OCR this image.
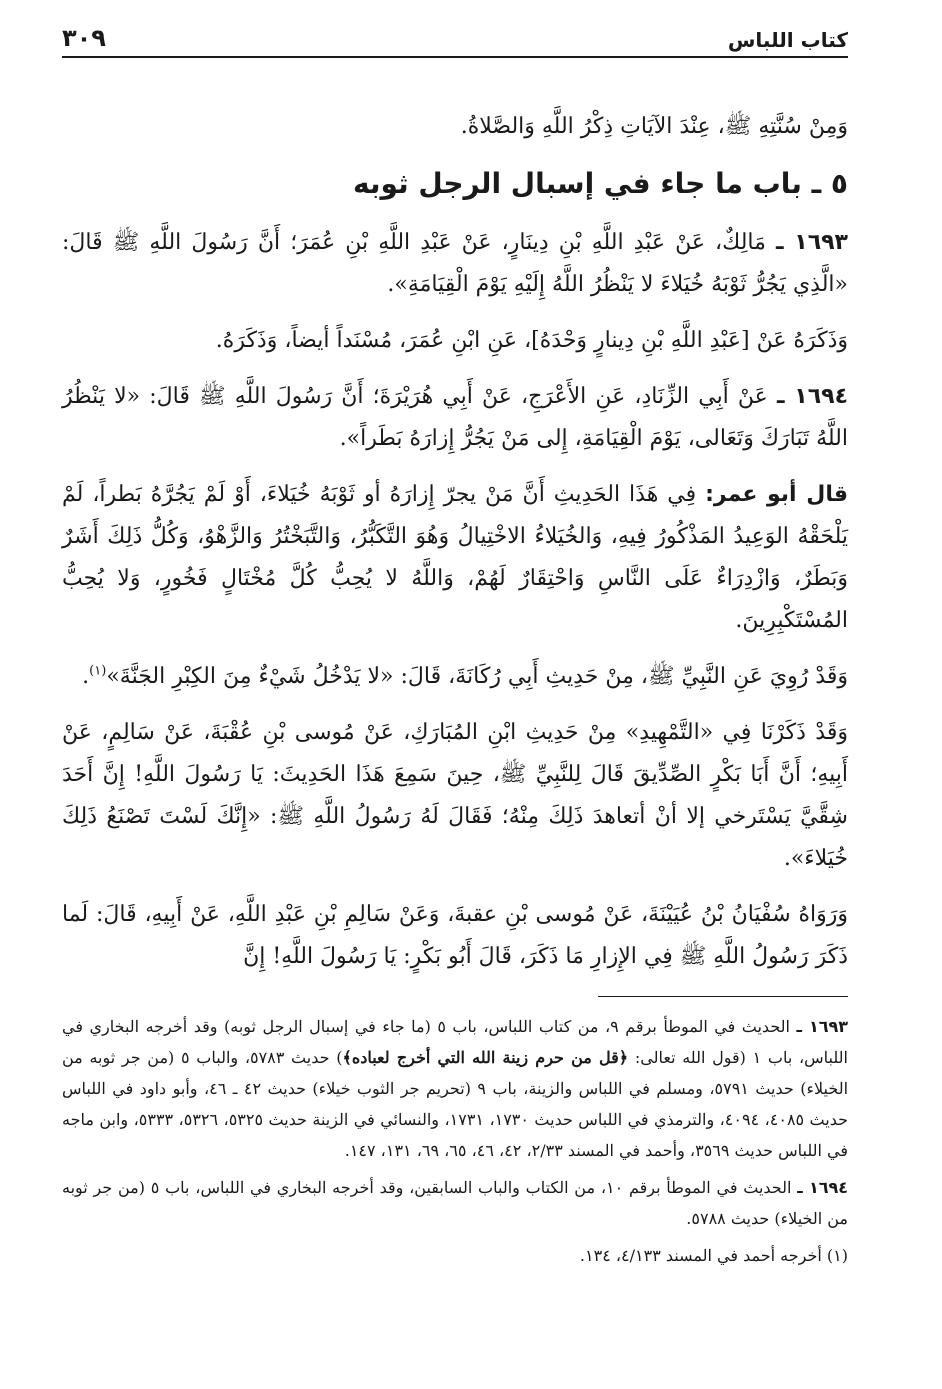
كتاب اللباس
٣٠٩

وَمِنْ سُنَّتِهِ ﷺ، عِنْدَ الآيَاتِ ذِكْرُ اللَّهِ وَالصَّلاةُ.

٥ ـ باب ما جاء في إسبال الرجل ثوبه

١٦٩٣ ـ مَالِكٌ، عَنْ عَبْدِ اللَّهِ بْنِ دِينَارٍ، عَنْ عَبْدِ اللَّهِ بْنِ عُمَرَ؛ أَنَّ رَسُولَ اللَّهِ ﷺ قَالَ: «الَّذِي يَجُرُّ ثَوْبَهُ خُيَلاءَ لا يَنْظُرُ اللَّهُ إِلَيْهِ يَوْمَ الْقِيَامَةِ».

وَذَكَرَهُ عَنْ [عَبْدِ اللَّهِ بْنِ دِينارٍ وَحْدَهُ]، عَنِ ابْنِ عُمَرَ، مُسْنَداً أيضاً، وَذَكَرَهُ.

١٦٩٤ ـ عَنْ أَبِي الزِّنَادِ، عَنِ الأَعْرَجِ، عَنْ أَبِي هُرَيْرَةَ؛ أَنَّ رَسُولَ اللَّهِ ﷺ قَالَ: «لا يَنْظُرُ اللَّهُ تَبَارَكَ وَتَعَالى، يَوْمَ الْقِيَامَةِ، إِلى مَنْ يَجُرُّ إِزارَهُ بَطَراً».

قال أبو عمر: فِي هَذَا الحَدِيثِ أَنَّ مَنْ يجرّ إِزارَهُ أو ثَوْبَهُ خُيَلاءَ، أَوْ لَمْ يَجُرَّهُ بَطراً، لَمْ يَلْحَقْهُ الوَعِيدُ المَذْكُورُ فِيهِ، وَالخُيَلاءُ الاخْتِيالُ وَهُوَ التَّكَبُّرُ، وَالتَّبَخْتُرُ وَالزَّهْوُ، وَكُلُّ ذَلِكَ أَشَرٌ وَبَطَرٌ، وَازْدِرَاءٌ عَلَى النَّاسِ وَاحْتِقَارٌ لَهُمْ، وَاللَّهُ لا يُحِبُّ كُلَّ مُخْتَالٍ فَخُورٍ، وَلا يُحِبُّ المُسْتَكْبِرِينَ.

وَقَدْ رُوِيَ عَنِ النَّبِيِّ ﷺ، مِنْ حَدِيثِ أَبِي رُكَانَةَ، قَالَ: «لا يَدْخُلُ شَيْءٌ مِنَ الكِبْرِ الجَنَّةَ»$^{(١)}$.

وَقَدْ ذَكَرْنَا فِي «التَّمْهِيدِ» مِنْ حَدِيثِ ابْنِ المُبَارَكِ، عَنْ مُوسى بْنِ عُقْبَةَ، عَنْ سَالِمٍ، عَنْ أَبِيهِ؛ أَنَّ أَبَا بَكْرٍ الصِّدِّيقَ قَالَ لِلنَّبِيِّ ﷺ، حِينَ سَمِعَ هَذَا الحَدِيثَ: يَا رَسُولَ اللَّهِ! إِنَّ أَحَدَ شِقَّيَّ يَسْتَرخي إلا أنْ أتعاهدَ ذَلِكَ مِنْهُ؛ فَقَالَ لَهُ رَسُولُ اللَّهِ ﷺ: «إِنَّكَ لَسْتَ تَصْنَعُ ذَلِكَ خُيَلاءَ».

وَرَوَاهُ سُفْيَانُ بْنُ عُيَيْنَةَ، عَنْ مُوسى بْنِ عقبةَ، وَعَنْ سَالِمِ بْنِ عَبْدِ اللَّهِ، عَنْ أَبِيهِ، قَالَ: لَما ذَكَرَ رَسُولُ اللَّهِ ﷺ فِي الإِزارِ مَا ذَكَرَ، قَالَ أَبُو بَكْرٍ: يَا رَسُولَ اللَّهِ! إِنَّ

١٦٩٣ ـ الحديث في الموطأ برقم ٩، من كتاب اللباس، باب ٥ (ما جاء في إسبال الرجل ثوبه) وقد أخرجه البخاري في اللباس، باب ١ (قول الله تعالى: ﴿قل من حرم زينة الله التي أخرج لعباده﴾) حديث ٥٧٨٣، والباب ٥ (من جر ثوبه من الخيلاء) حديث ٥٧٩١، ومسلم في اللباس والزينة، باب ٩ (تحريم جر الثوب خيلاء) حديث ٤٢ ـ ٤٦، وأبو داود في اللباس حديث ٤٠٨٥، ٤٠٩٤، والترمذي في اللباس حديث ١٧٣٠، ١٧٣١، والنسائي في الزينة حديث ٥٣٢٥، ٥٣٢٦، ٥٣٣٣، وابن ماجه في اللباس حديث ٣٥٦٩، وأحمد في المسند ٢/٣٣، ٤٢، ٤٦، ٦٥، ٦٩، ١٣١، ١٤٧.

١٦٩٤ ـ الحديث في الموطأ برقم ١٠، من الكتاب والباب السابقين، وقد أخرجه البخاري في اللباس، باب ٥ (من جر ثوبه من الخيلاء) حديث ٥٧٨٨.

(١) أخرجه أحمد في المسند ٤/١٣٣، ١٣٤.
